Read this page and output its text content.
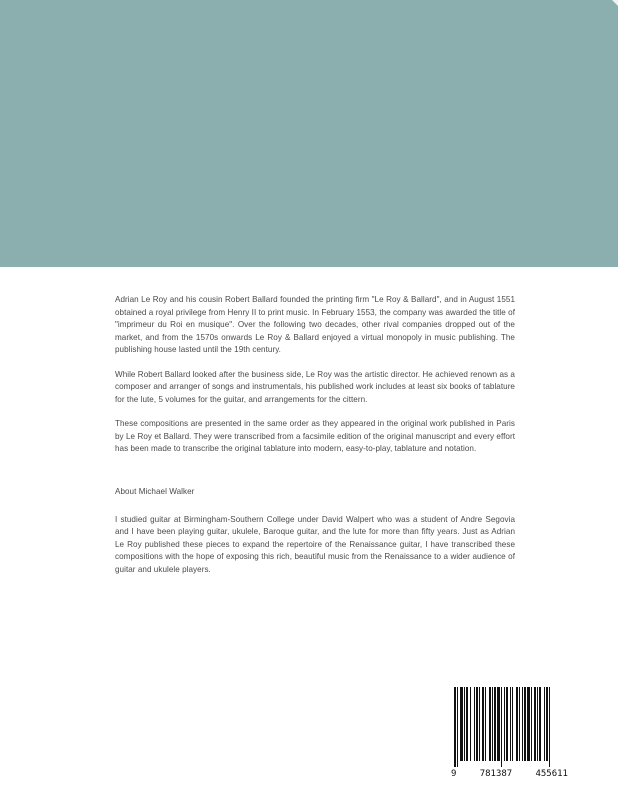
Adrian Le Roy and his cousin Robert Ballard founded the printing firm "Le Roy & Ballard", and in August 1551 obtained a royal privilege from Henry II to print music. In February 1553, the company was awarded the title of "imprimeur du Roi en musique". Over the following two decades, other rival companies dropped out of the market, and from the 1570s onwards Le Roy & Ballard enjoyed a virtual monopoly in music publishing. The publishing house lasted until the 19th century.

While Robert Ballard looked after the business side, Le Roy was the artistic director. He achieved renown as a composer and arranger of songs and instrumentals, his published work includes at least six books of tablature for the lute, 5 volumes for the guitar, and arrangements for the cittern.

These compositions are presented in the same order as they appeared in the original work published in Paris by Le Roy et Ballard. They were transcribed from a facsimile edition of the original manuscript and every effort has been made to transcribe the original tablature into modern, easy-to-play, tablature and notation.

About Michael Walker

I studied guitar at Birmingham-Southern College under David Walpert who was a student of Andre Segovia and I have been playing guitar, ukulele, Baroque guitar, and the lute for more than fifty years. Just as Adrian Le Roy published these pieces to expand the repertoire of the Renaissance guitar, I have transcribed these compositions with the hope of exposing this rich, beautiful music from the Renaissance to a wider audience of guitar and ukulele players.

9	781387	455611
